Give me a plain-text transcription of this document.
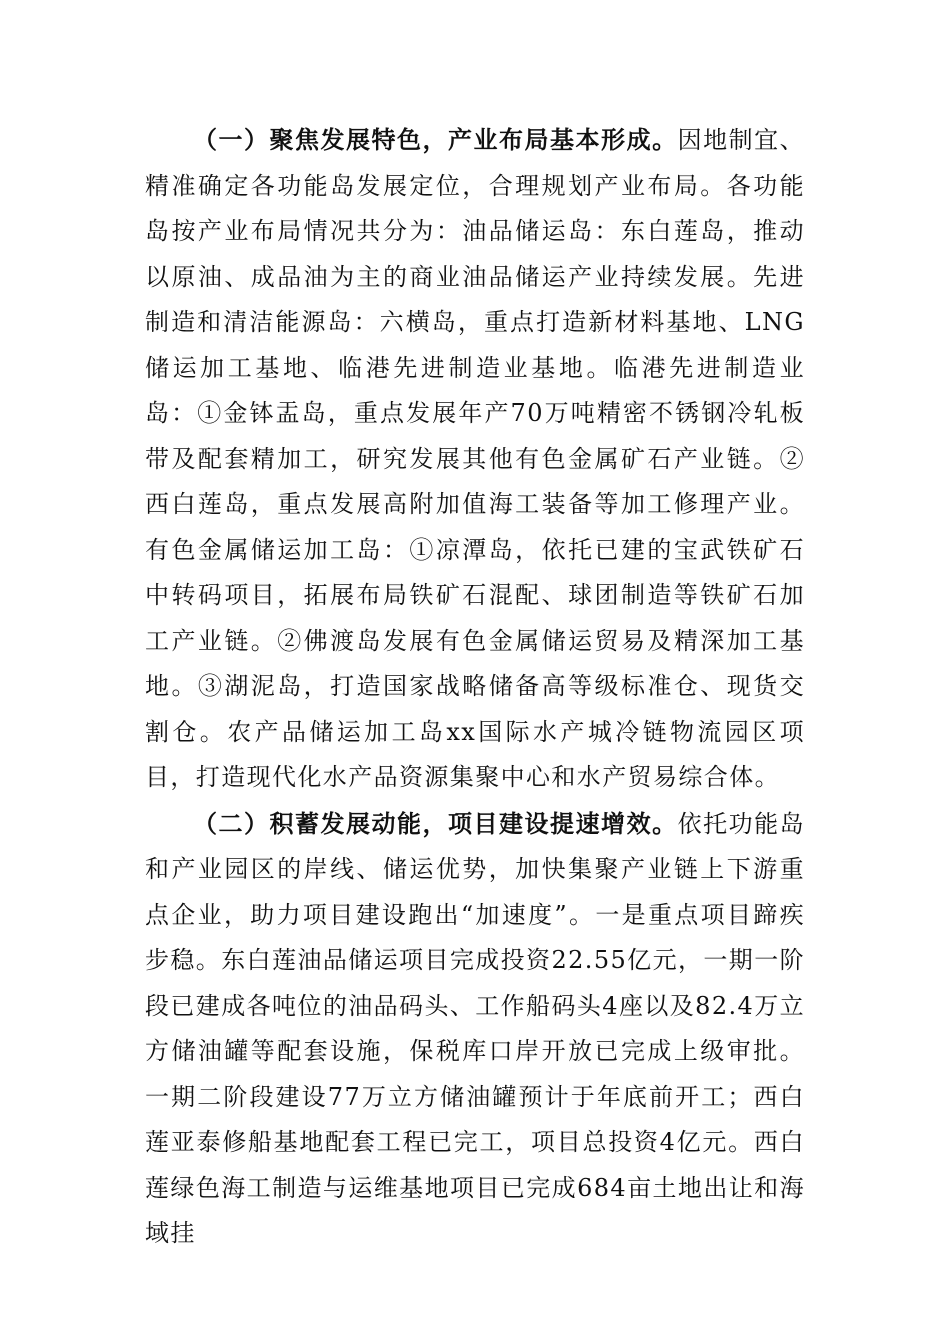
（一）聚焦发展特色，产业布局基本形成。因地制宜、精准确定各功能岛发展定位，合理规划产业布局。各功能岛按产业布局情况共分为：油品储运岛：东白莲岛，推动以原油、成品油为主的商业油品储运产业持续发展。先进制造和清洁能源岛：六横岛，重点打造新材料基地、LNG储运加工基地、临港先进制造业基地。临港先进制造业岛：①金钵盂岛，重点发展年产70万吨精密不锈钢冷轧板带及配套精加工，研究发展其他有色金属矿石产业链。②西白莲岛，重点发展高附加值海工装备等加工修理产业。有色金属储运加工岛：①凉潭岛，依托已建的宝武铁矿石中转码项目，拓展布局铁矿石混配、球团制造等铁矿石加工产业链。②佛渡岛发展有色金属储运贸易及精深加工基地。③湖泥岛，打造国家战略储备高等级标准仓、现货交割仓。农产品储运加工岛xx国际水产城冷链物流园区项目，打造现代化水产品资源集聚中心和水产贸易综合体。

（二）积蓄发展动能，项目建设提速增效。依托功能岛和产业园区的岸线、储运优势，加快集聚产业链上下游重点企业，助力项目建设跑出“加速度”。一是重点项目蹄疾步稳。东白莲油品储运项目完成投资22.55亿元，一期一阶段已建成各吨位的油品码头、工作船码头4座以及82.4万立方储油罐等配套设施，保税库口岸开放已完成上级审批。一期二阶段建设77万立方储油罐预计于年底前开工；西白莲亚泰修船基地配套工程已完工，项目总投资4亿元。西白莲绿色海工制造与运维基地项目已完成684亩土地出让和海域挂
